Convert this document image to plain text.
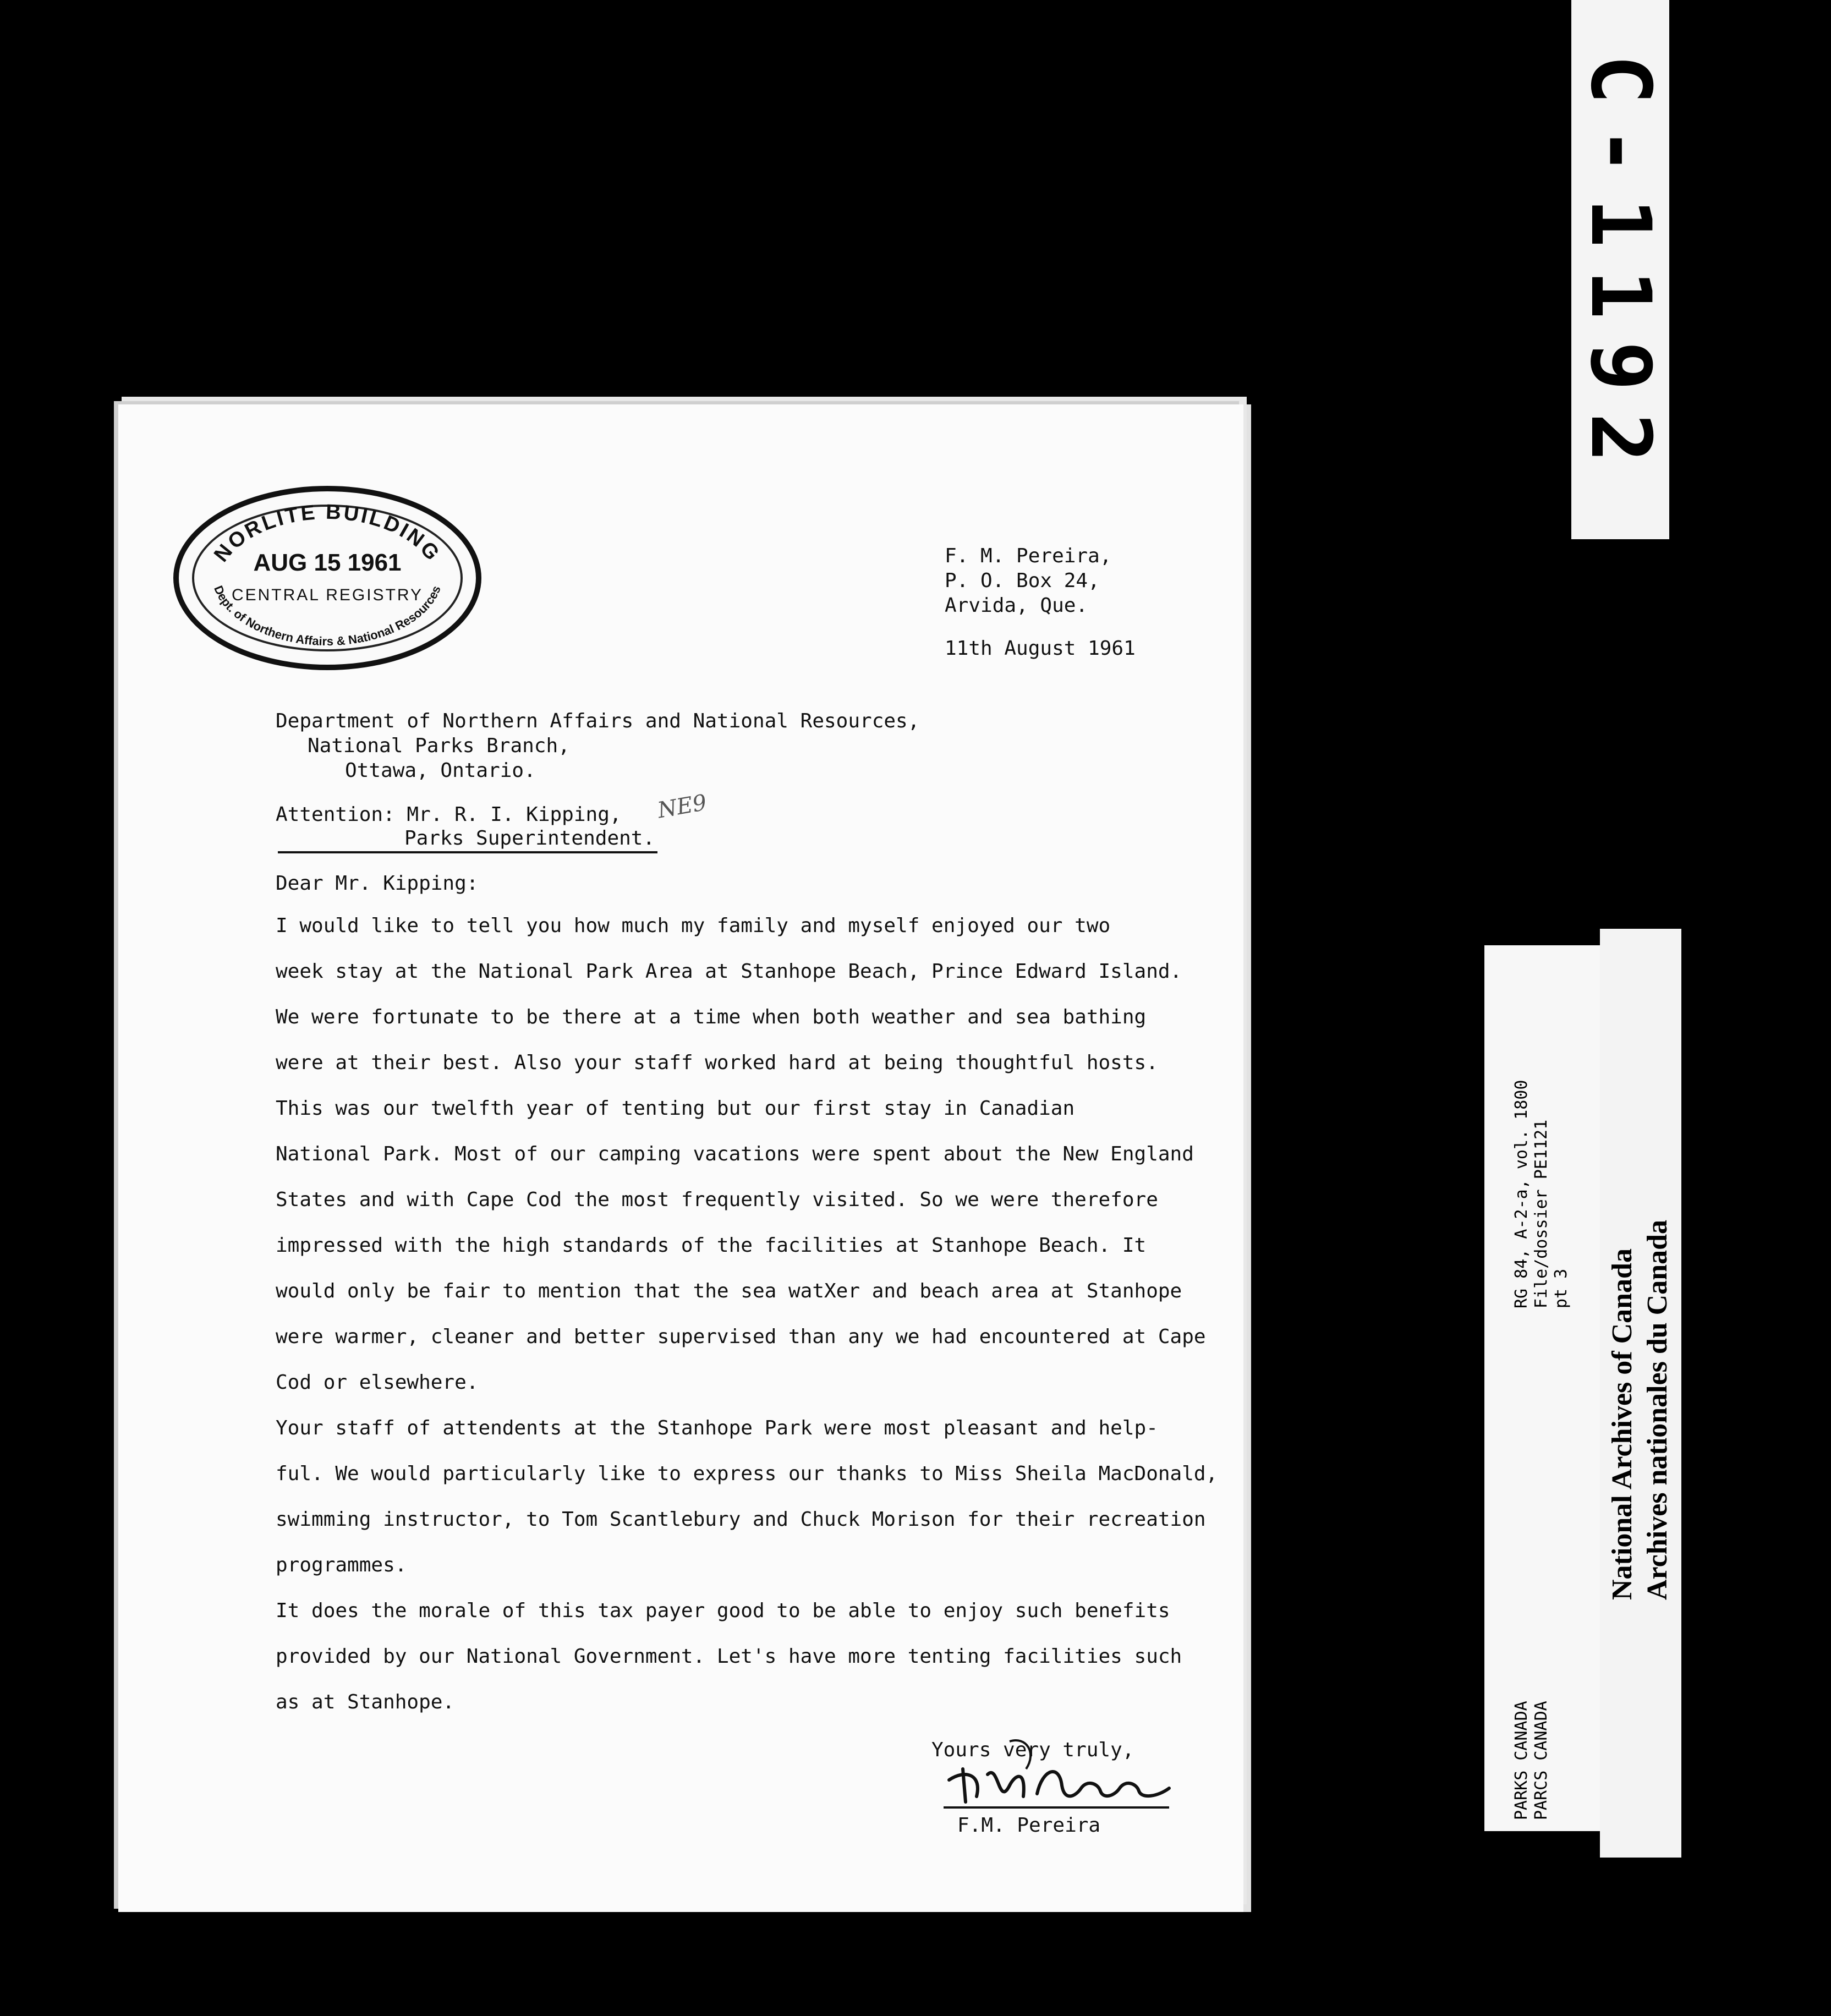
C-1192
NORLITE BUILDING
Dept. of Northern Affairs & National Resources
AUG 15 1961
CENTRAL REGISTRY
F. M. Pereira,
P. O. Box 24,
Arvida, Que.
11th August 1961
Department of Northern Affairs and National Resources,
National Parks Branch,
Ottawa, Ontario.
Attention: Mr. R. I. Kipping,
Parks Superintendent.
NE9
Dear Mr. Kipping:
I would like to tell you how much my family and myself enjoyed our two
week stay at the National Park Area at Stanhope Beach, Prince Edward Island.
We were fortunate to be there at a time when both weather and sea bathing
were at their best. Also your staff worked hard at being thoughtful hosts.
This was our twelfth year of tenting but our first stay in Canadian
National Park. Most of our camping vacations were spent about the New England
States and with Cape Cod the most frequently visited. So we were therefore
impressed with the high standards of the facilities at Stanhope Beach. It
would only be fair to mention that the sea watXer and beach area at Stanhope
were warmer, cleaner and better supervised than any we had encountered at Cape
Cod or elsewhere.
Your staff of attendents at the Stanhope Park were most pleasant and help-
ful. We would particularly like to express our thanks to Miss Sheila MacDonald,
swimming instructor, to Tom Scantlebury and Chuck Morison for their recreation
programmes.
It does the morale of this tax payer good to be able to enjoy such benefits
provided by our National Government. Let's have more tenting facilities such
as at Stanhope.
Yours very truly,
F.M. Pereira
RG 84, A-2-a, vol. 1800 File/dossier PE1121 pt 3
PARKS CANADA PARCS CANADA
National Archives of Canada Archives nationales du Canada
